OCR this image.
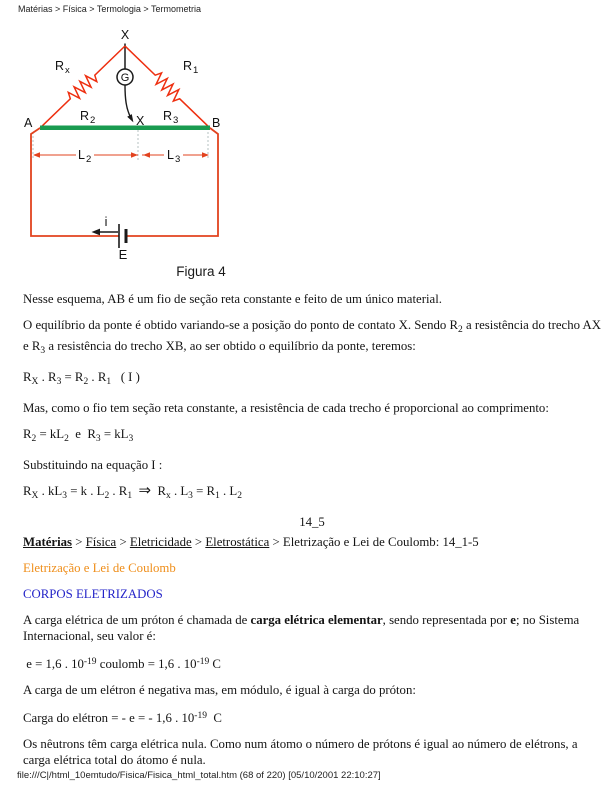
Matérias > Física > Termologia > Termometria
X
R x	R 1
G
A	B
R 2	X R 3
L 2	L 3
E
i
Figura 4
Nesse esquema, AB é um fio de seção reta constante e feito de um único material.
O equilíbrio da ponte é obtido variando-se a posição do ponto de contato X. Sendo $R_2$ a resistência do trecho AX e $R_3$ a resistência do trecho XB, ao ser obtido o equilíbrio da ponte, teremos:
$R_X$ . $R_3 = R_2$ . $R_1$   ( I )
Mas, como o fio tem seção reta constante, a resistência de cada trecho é proporcional ao comprimento:
$R_2 = kL_2$  e  $R_3 = kL_3$
Substituindo na equação I :
$R_X$ . $kL_3 = k$ . $L_2$ . $R_1$ ⇒  $R_x$ . $L_3 = R_1$ . $L_2$
14_5
Matérias > Física > Eletricidade > Eletrostática > Eletrização e Lei de Coulomb: 14_1-5
Eletrização e Lei de Coulomb
CORPOS ELETRIZADOS
A carga elétrica de um próton é chamada de carga elétrica elementar, sendo representada por e; no Sistema Internacional, seu valor é:
e = 1,6 . $10^{-19}$ coulomb = 1,6 . $10^{-19}$ C
A carga de um elétron é negativa mas, em módulo, é igual à carga do próton:
Carga do elétron = - e = - 1,6 . $10^{-19}$  C
Os nêutrons têm carga elétrica nula. Como num átomo o número de prótons é igual ao número de elétrons, a carga elétrica total do átomo é nula.
file:///C|/html_10emtudo/Fisica/Fisica_html_total.htm (68 of 220) [05/10/2001 22:10:27]
